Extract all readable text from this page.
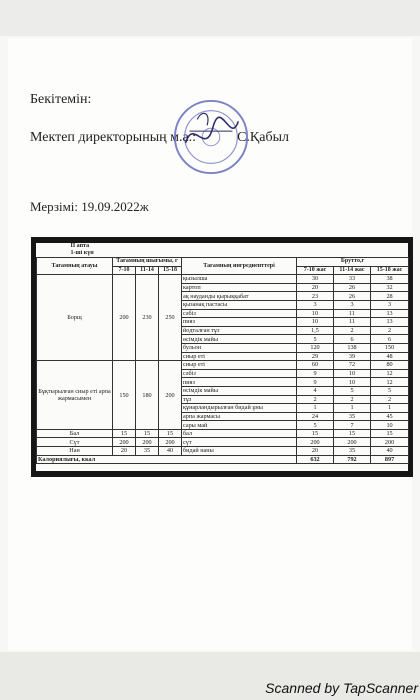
Бекітемін:
Мектеп директорының м.а.:	С.Қабыл
Мерзімі: 19.09.2022ж
II апта							
1-ші күн							
Тағамның атауы	Тағамның шығымы, г			Тағамның ингредиенттері	Брутто,г		
	7-10	11-14	15-18		7-10 жас	11-14 жас	15-18 жас
Борщ	200	230	250	қызылша	30	33	38
				картоп	20	26	32
				ақ науданды қырыққабат	23	26	28
				қызанақ пастасы	3	3	3
				сәбіз	10	11	13
				пияз	10	11	13
				йодталған тұз	1,5	2	2
				өсімдік майы	5	6	6
				бульон	120	138	150
				сиыр еті	29	39	48
Бұқтырылған сиыр еті арпа жармасымен	150	180	200	сиыр еті	60	72	80
				сәбіз	9	10	12
				пияз	9	10	12
				өсімдік майы	4	5	5
				тұз	2	2	2
				құнарландырылған бидай ұны	1	1	1
				арпа жармасы	24	35	45
				сары май	5	7	10
Бал	15	15	15	бал	15	15	15
Сүт	200	200	200	сүт	200	200	200
Нан	20	35	40	бидай наны	20	35	40
Калориялығы, ккал					632	792	897
Scanned by TapScanner
